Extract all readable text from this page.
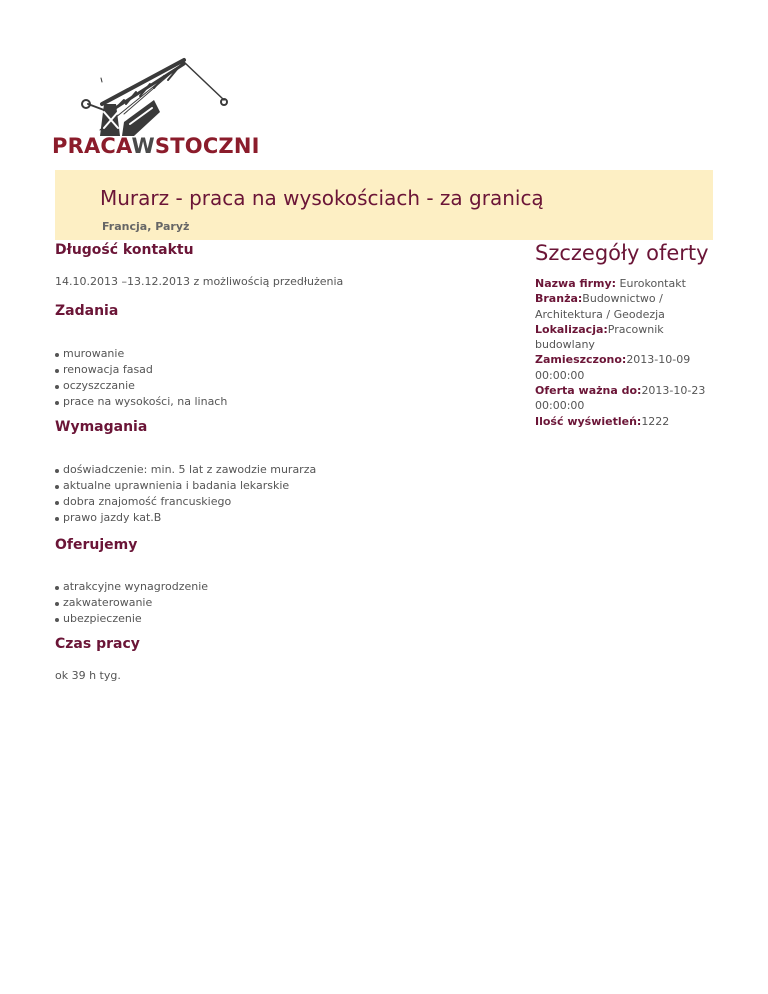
PRACAWSTOCZNI
Murarz - praca na wysokościach - za granicą
Francja, Paryż
Długość kontaktu

14.10.2013 –13.12.2013 z możliwością przedłużenia

Zadania
murowanie
renowacja fasad
oczyszczanie
prace na wysokości, na linach
Wymagania
doświadczenie: min. 5 lat z zawodzie murarza
aktualne uprawnienia i badania lekarskie
dobra znajomość francuskiego
prawo jazdy kat.B
Oferujemy
atrakcyjne wynagrodzenie
zakwaterowanie
ubezpieczenie
Czas pracy

ok 39 h tyg.

Szczegóły oferty
Nazwa firmy: Eurokontakt
Branża:Budownictwo / Architektura / Geodezja
Lokalizacja:Pracownik budowlany
Zamieszczono:2013-10-09 00:00:00
Oferta ważna do:2013-10-23 00:00:00
Ilość wyświetleń:1222
